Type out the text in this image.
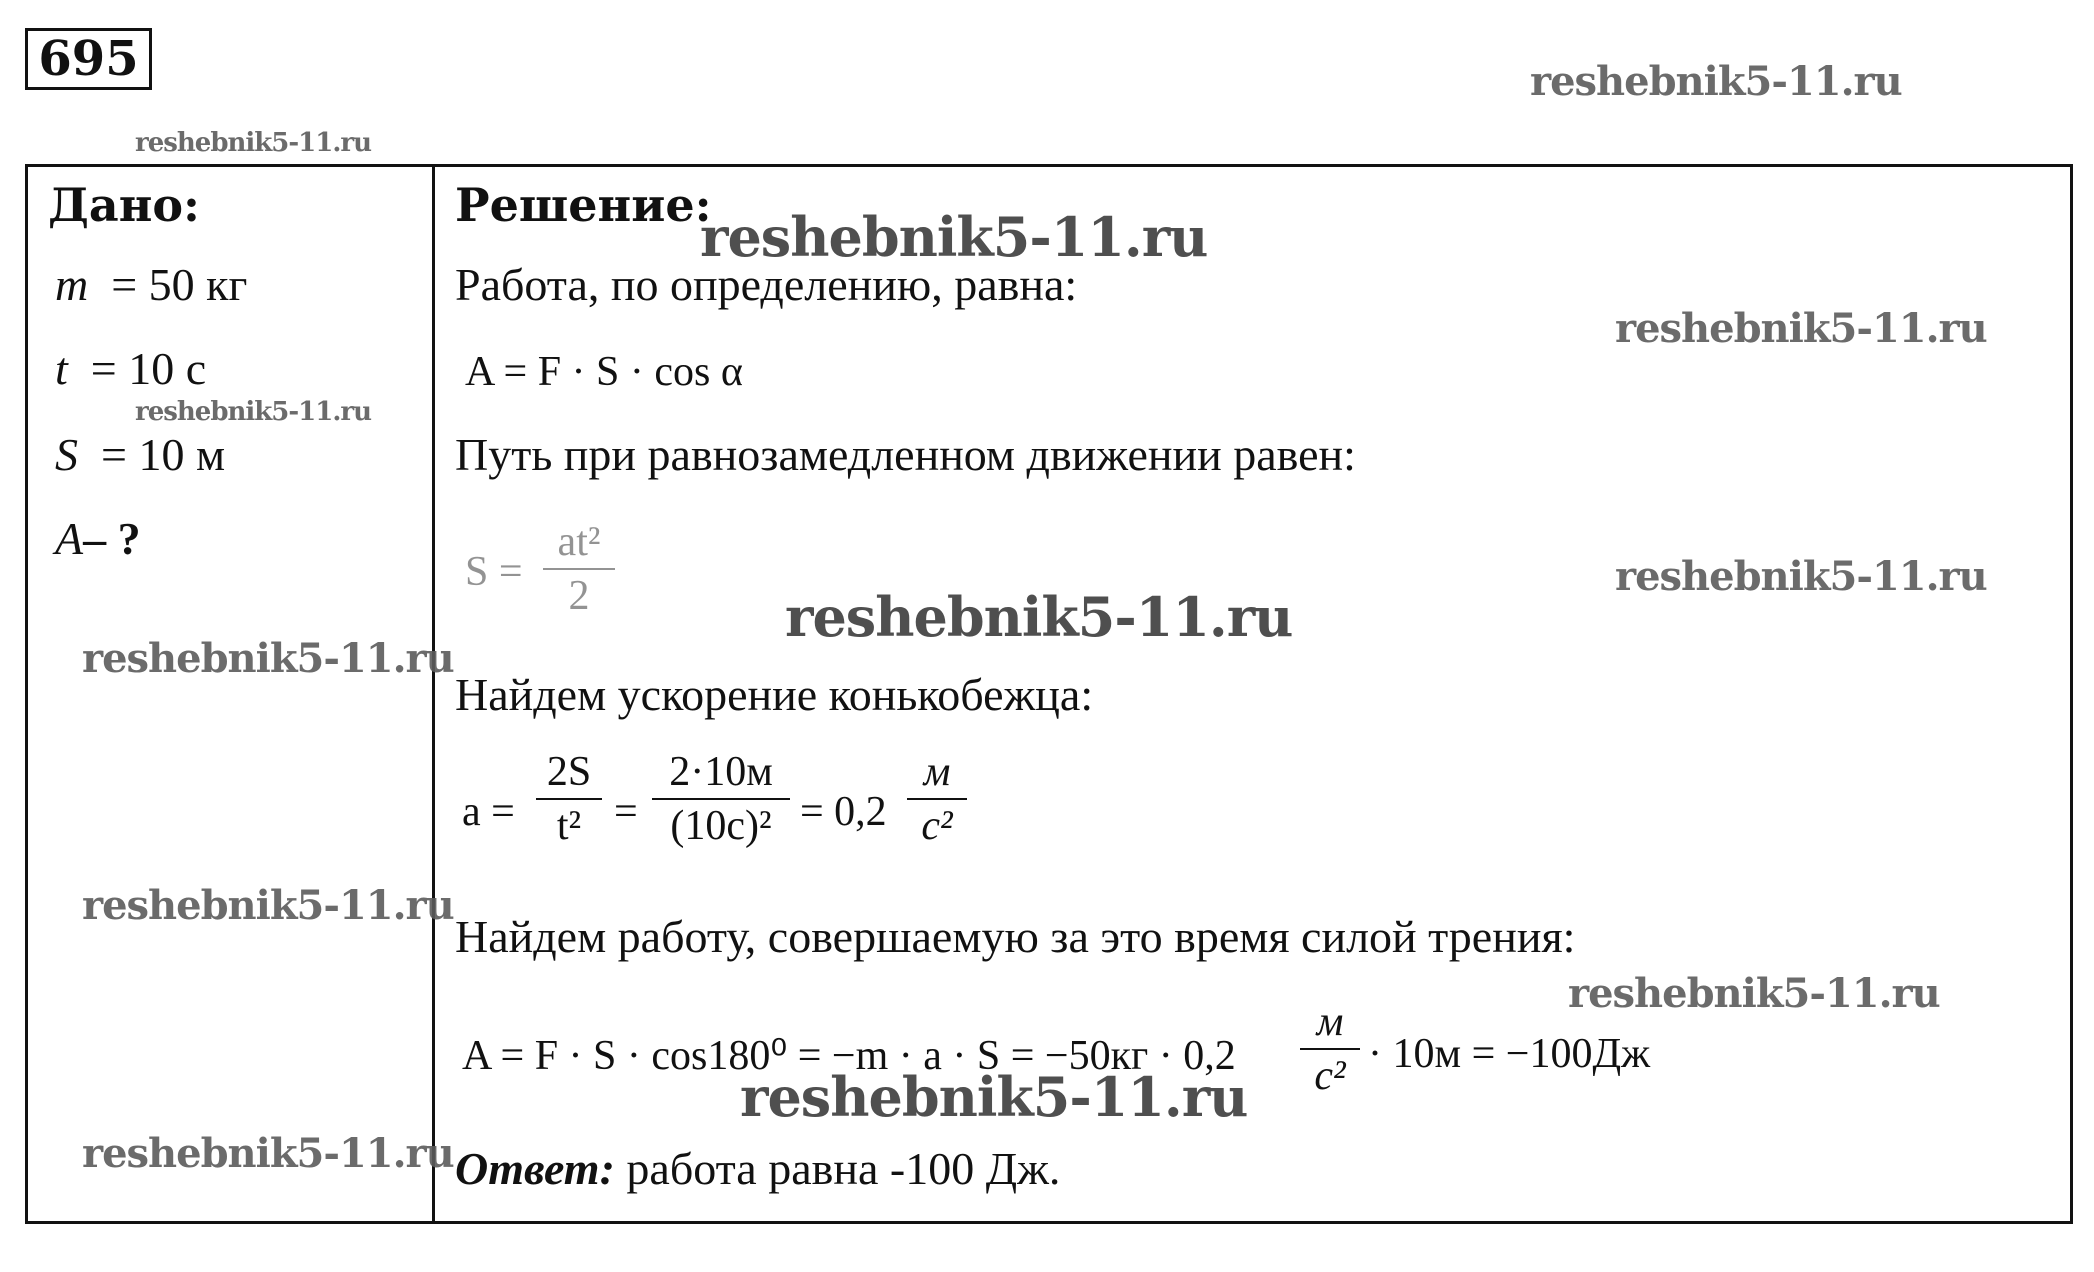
695	reshebnik5-11.ru
reshebnik5-11.ru
reshebnik5-11.ru
reshebnik5-11.ru
reshebnik5-11.ru
reshebnik5-11.ru
reshebnik5-11.ru
reshebnik5-11.ru
reshebnik5-11.ru
reshebnik5-11.ru
reshebnik5-11.ru
reshebnik5-11.ru
Дано:
m = 50 кг
t = 10 с
S = 10 м
A– ?
Решение:
Работа, по определению, равна:
A = F · S · cos α
Путь при равнозамедленном движении равен:
S =
at²
2
Найдем ускорение конькобежца:
a =
2S
t² =
2·10м
(10с)² = 0,2
м
с²
Найдем работу, совершаемую за это время силой трения:
A = F · S · cos180⁰ = −m · a · S = −50кг · 0,2
м
с² · 10м = −100Дж
Ответ: работа равна -100 Дж.
